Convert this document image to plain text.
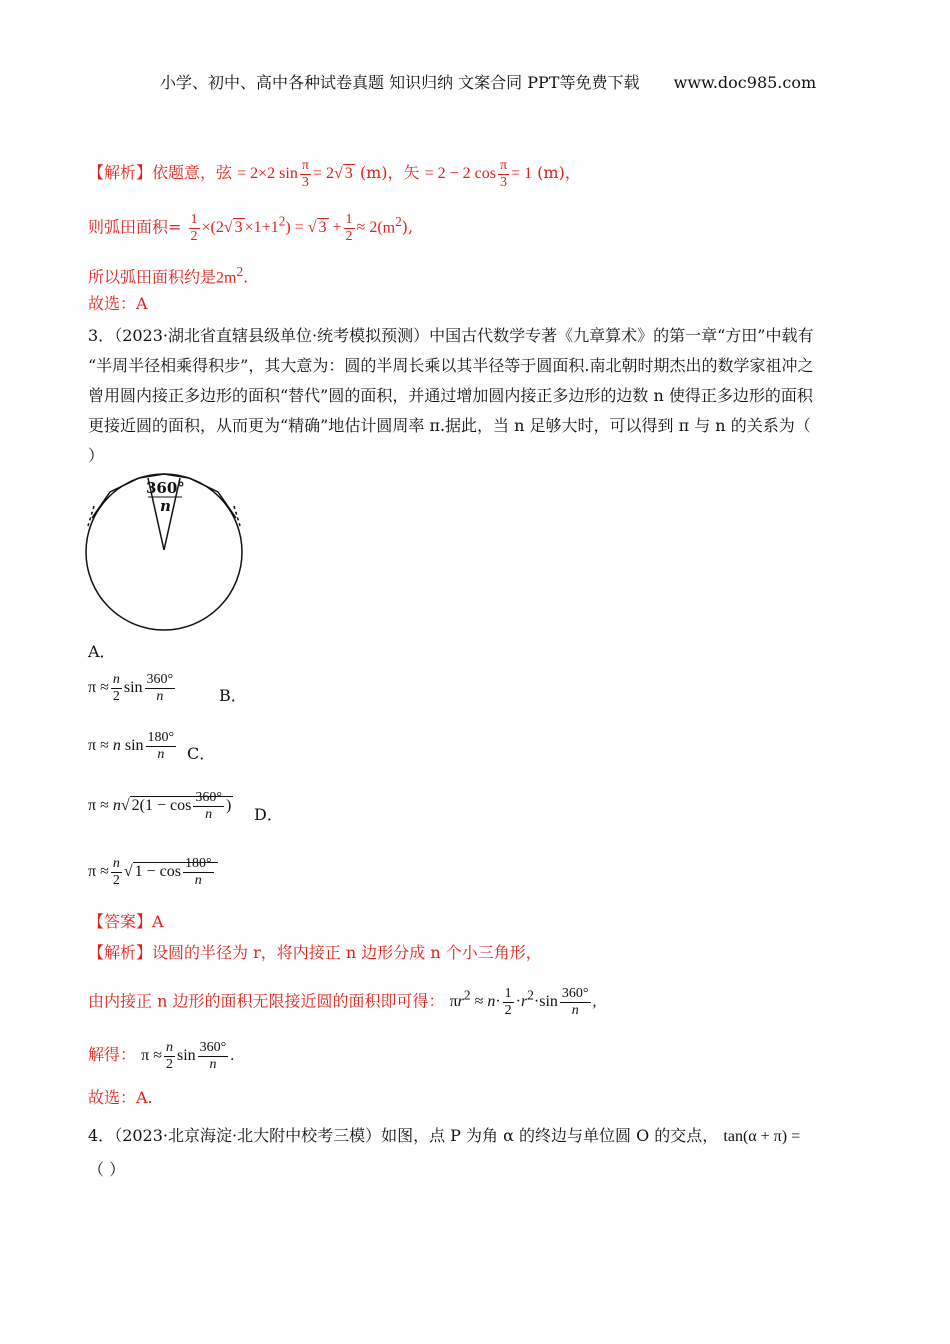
小学、初中、高中各种试卷真题 知识归纳 文案合同 PPT等免费下载 www.doc985.com
【解析】依题意，弦 = 2×2 $\sin \frac{\pi}{3} = 2√$ 3 (m)，矢 = 2 − 2 $\cos \frac{\pi}{3} = 1$ (m)，
则弧田面积= $\frac{1}{2} \times(2√$ $3 \times 1+1^2$) = √ $3 + \frac{1}{2} \approx 2(m^2)$,
所以弧田面积约是$2m^2$.
故选：A
3．（2023·湖北省直辖县级单位·统考模拟预测）中国古代数学专著《九章算术》的第一章“方田”中载有
“半周半径相乘得积步”，其大意为：圆的半周长乘以其半径等于圆面积.南北朝时期杰出的数学家祖冲之
曾用圆内接正多边形的面积“替代”圆的面积，并通过增加圆内接正多边形的边数 n 使得正多边形的面积
更接近圆的面积，从而更为“精确”地估计圆周率 π.据此，当 n 足够大时，可以得到 π 与 n 的关系为（
）
360°
n
A．
$\pi \approx \frac{n}{2}$ $\sin \frac{360^\circ}{n}$	B．
π ≈ n $\sin \frac{180^\circ}{n}$ C．
π ≈ n√ $2(1 - \cos \frac{360^\circ}{n}$ ) D．
$\pi \approx \frac{n}{2}$ √ $1 - \cos \frac{180^\circ}{n}$
【答案】A
【解析】设圆的半径为 r，将内接正 n 边形分成 n 个小三角形，
由内接正 n 边形的面积无限接近圆的面积即可得： $\pi r^2 \approx n\cdot \frac{1}{2} \cdot r^2\cdot\sin \frac{360^\circ}{n}$ ,
解得： $\pi \approx \frac{n}{2}$ $\sin \frac{360^\circ}{n}$ .
故选：A.
4．（2023·北京海淀·北大附中校考三模）如图，点 P 为角 α 的终边与单位圆 O 的交点， tan(α + π) =
（ ）
